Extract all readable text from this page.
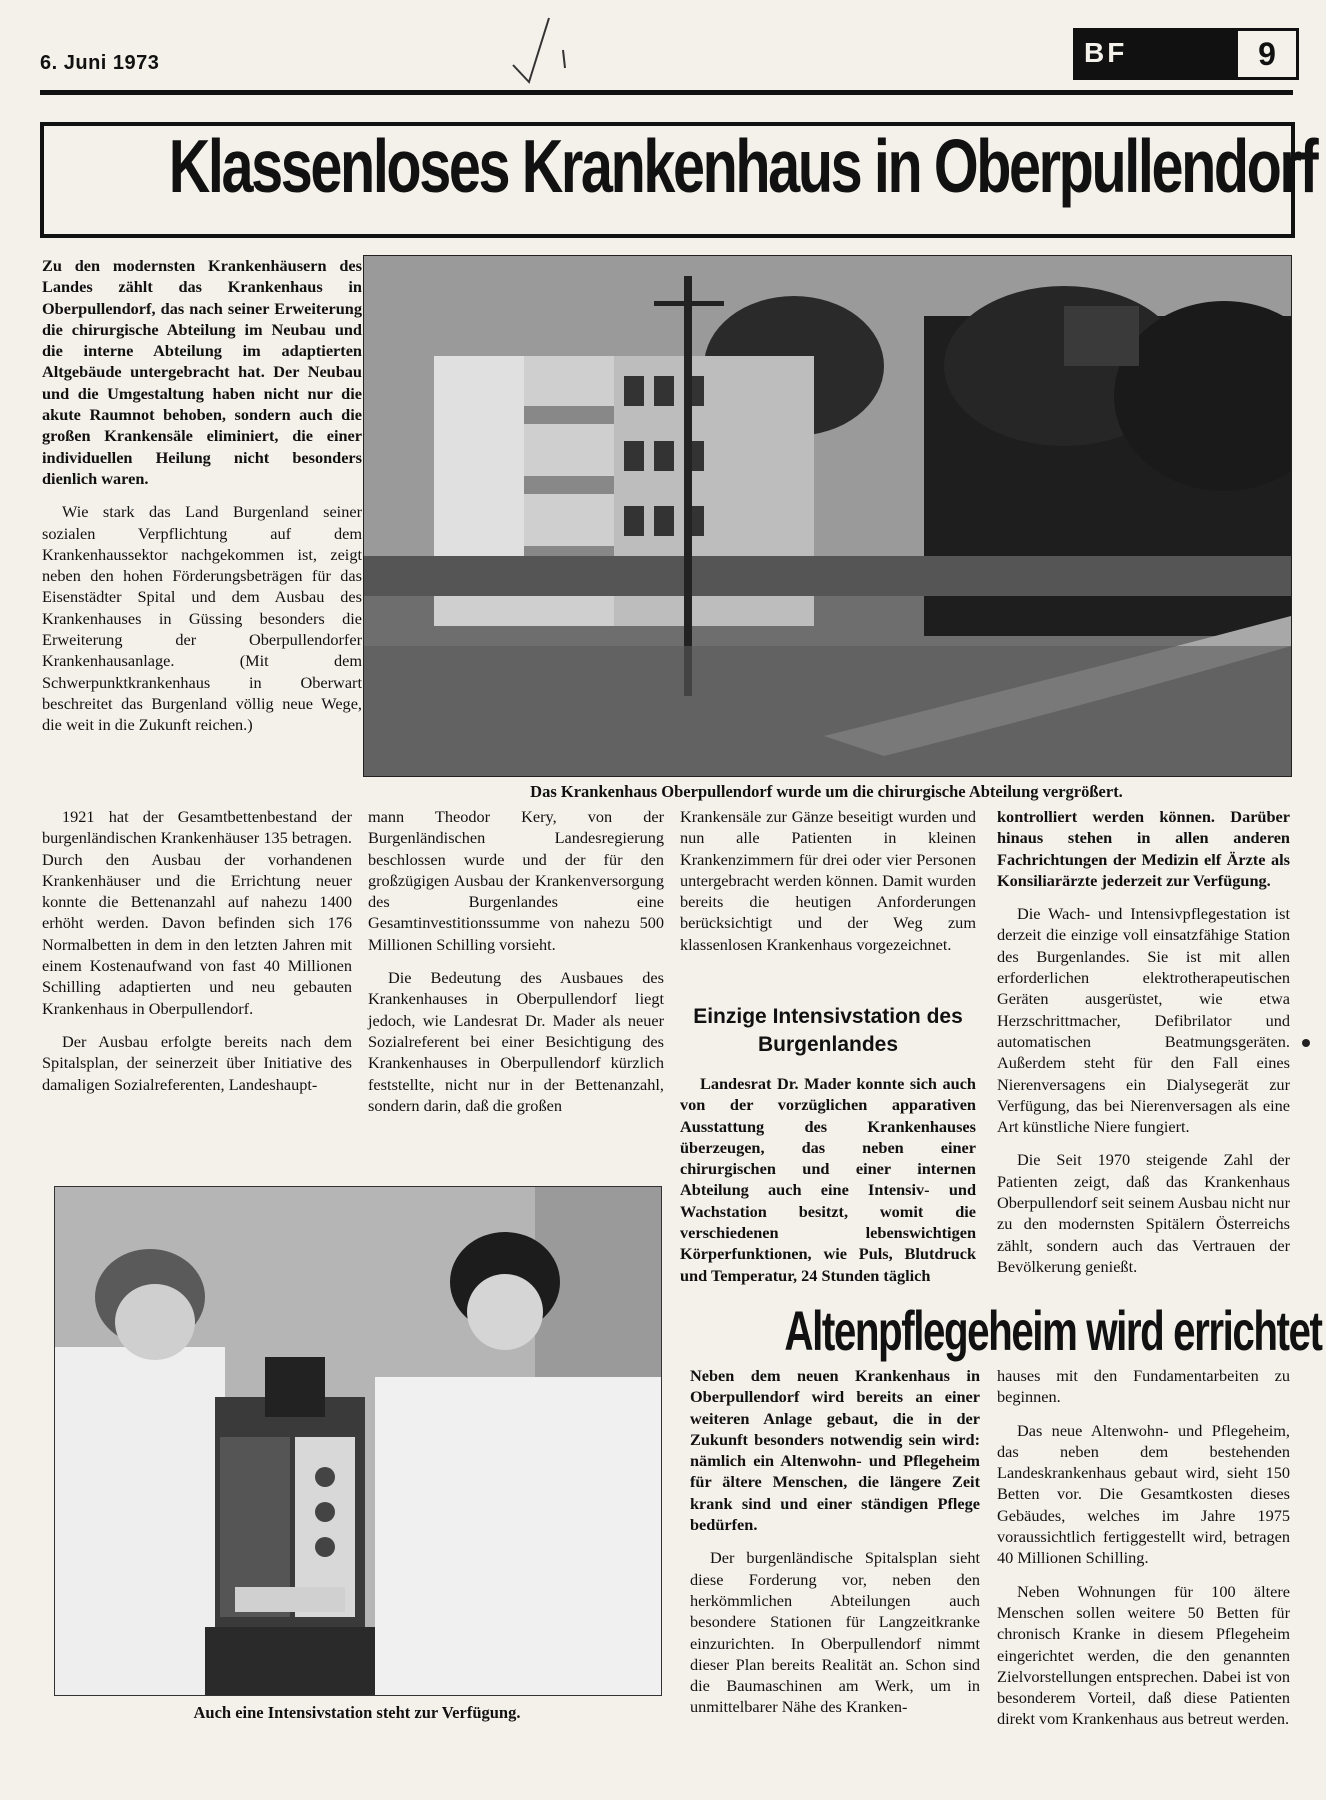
6. Juni 1973	BF	9
Klassenloses Krankenhaus in Oberpullendorf

Zu den modernsten Krankenhäusern des Landes zählt das Krankenhaus in Oberpullendorf, das nach seiner Erweiterung die chirurgische Abteilung im Neubau und die interne Abteilung im adaptierten Altgebäude untergebracht hat. Der Neubau und die Umgestaltung haben nicht nur die akute Raumnot behoben, sondern auch die großen Krankensäle eliminiert, die einer individuellen Heilung nicht besonders dienlich waren.

Wie stark das Land Burgenland seiner sozialen Verpflichtung auf dem Krankenhaussektor nachgekommen ist, zeigt neben den hohen Förderungsbeträgen für das Eisenstädter Spital und dem Ausbau des Krankenhauses in Güssing besonders die Erweiterung der Oberpullendorfer Krankenhausanlage. (Mit dem Schwerpunktkrankenhaus in Oberwart beschreitet das Burgenland völlig neue Wege, die weit in die Zukunft reichen.)

Das Krankenhaus Oberpullendorf wurde um die chirurgische Abteilung vergrößert.

1921 hat der Gesamtbettenbestand der burgenländischen Krankenhäuser 135 betragen. Durch den Ausbau der vorhandenen Krankenhäuser und die Errichtung neuer konnte die Bettenanzahl auf nahezu 1400 erhöht werden. Davon befinden sich 176 Normalbetten in dem in den letzten Jahren mit einem Kostenaufwand von fast 40 Millionen Schilling adaptierten und neu gebauten Krankenhaus in Oberpullendorf.

Der Ausbau erfolgte bereits nach dem Spitalsplan, der seinerzeit über Initiative des damaligen Sozialreferenten, Landeshaupt-

mann Theodor Kery, von der Burgenländischen Landesregierung beschlossen wurde und der für den großzügigen Ausbau der Krankenversorgung des Burgenlandes eine Gesamtinvestitionssumme von nahezu 500 Millionen Schilling vorsieht.

Die Bedeutung des Ausbaues des Krankenhauses in Oberpullendorf liegt jedoch, wie Landesrat Dr. Mader als neuer Sozialreferent bei einer Besichtigung des Krankenhauses in Oberpullendorf kürzlich feststellte, nicht nur in der Bettenanzahl, sondern darin, daß die großen

Krankensäle zur Gänze beseitigt wurden und nun alle Patienten in kleinen Krankenzimmern für drei oder vier Personen untergebracht werden können. Damit wurden bereits die heutigen Anforderungen berücksichtigt und der Weg zum klassenlosen Krankenhaus vorgezeichnet.

Einzige Intensivstation des Burgenlandes

Landesrat Dr. Mader konnte sich auch von der vorzüglichen apparativen Ausstattung des Krankenhauses überzeugen, das neben einer chirurgischen und einer internen Abteilung auch eine Intensiv- und Wachstation besitzt, womit die verschiedenen lebenswichtigen Körperfunktionen, wie Puls, Blutdruck und Temperatur, 24 Stunden täglich

kontrolliert werden können. Darüber hinaus stehen in allen anderen Fachrichtungen der Medizin elf Ärzte als Konsiliarärzte jederzeit zur Verfügung.

Die Wach- und Intensivpflegestation ist derzeit die einzige voll einsatzfähige Station des Burgenlandes. Sie ist mit allen erforderlichen elektrotherapeutischen Geräten ausgerüstet, wie etwa Herzschrittmacher, Defibrilator und automatischen Beatmungsgeräten. Außerdem steht für den Fall eines Nierenversagens ein Dialysegerät zur Verfügung, das bei Nierenversagen als eine Art künstliche Niere fungiert.

Die Seit 1970 steigende Zahl der Patienten zeigt, daß das Krankenhaus Oberpullendorf seit seinem Ausbau nicht nur zu den modernsten Spitälern Österreichs zählt, sondern auch das Vertrauen der Bevölkerung genießt.

Auch eine Intensivstation steht zur Verfügung.
Altenpflegeheim wird errichtet

Neben dem neuen Krankenhaus in Oberpullendorf wird bereits an einer weiteren Anlage gebaut, die in der Zukunft besonders notwendig sein wird: nämlich ein Altenwohn- und Pflegeheim für ältere Menschen, die längere Zeit krank sind und einer ständigen Pflege bedürfen.

Der burgenländische Spitalsplan sieht diese Forderung vor, neben den herkömmlichen Abteilungen auch besondere Stationen für Langzeitkranke einzurichten. In Oberpullendorf nimmt dieser Plan bereits Realität an. Schon sind die Baumaschinen am Werk, um in unmittelbarer Nähe des Kranken-

hauses mit den Fundamentarbeiten zu beginnen.

Das neue Altenwohn- und Pflegeheim, das neben dem bestehenden Landeskrankenhaus gebaut wird, sieht 150 Betten vor. Die Gesamtkosten dieses Gebäudes, welches im Jahre 1975 voraussichtlich fertiggestellt wird, betragen 40 Millionen Schilling.

Neben Wohnungen für 100 ältere Menschen sollen weitere 50 Betten für chronisch Kranke in diesem Pflegeheim eingerichtet werden, die den genannten Zielvorstellungen entsprechen. Dabei ist von besonderem Vorteil, daß diese Patienten direkt vom Krankenhaus aus betreut werden.
